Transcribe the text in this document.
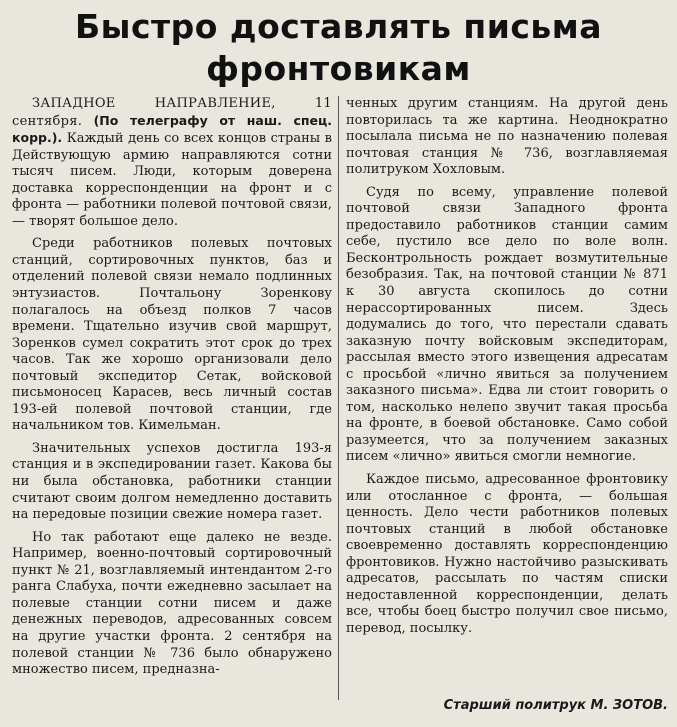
Быстро доставлять письма
фронтовикам

ЗАПАДНОЕ НАПРАВЛЕНИЕ, 11 сентября. (По телеграфу от наш. спец. корр.). Каждый день со всех концов страны в Действующую армию направляются сотни тысяч писем. Люди, которым доверена доставка корреспонденции на фронт и с фронта — работники полевой почтовой связи, — творят большое дело.

Среди работников полевых почтовых станций, сортировочных пунктов, баз и отделений полевой связи немало подлинных энтузиастов. Почтальону Зоренкову полагалось на объезд полков 7 часов времени. Тщательно изучив свой маршрут, Зоренков сумел сократить этот срок до трех часов. Так же хорошо организовали дело почтовый экспедитор Сетак, войсковой письмоносец Карасев, весь личный состав 193-ей полевой почтовой станции, где начальником тов. Кимельман.

Значительных успехов достигла 193-я станция и в экспедировании газет. Какова бы ни была обстановка, работники станции считают своим долгом немедленно доставить на передовые позиции свежие номера газет.

Но так работают еще далеко не везде. Например, военно-почтовый сортировочный пункт № 21, возглавляемый интендантом 2-го ранга Слабуха, почти ежедневно засылает на полевые станции сотни писем и даже денежных переводов, адресованных совсем на другие участки фронта. 2 сентября на полевой станции № 736 было обнаружено множество писем, предназна-

ченных другим станциям. На другой день повторилась та же картина. Неоднократно посылала письма не по назначению полевая почтовая станция № 736, возглавляемая политруком Хохловым.

Судя по всему, управление полевой почтовой связи Западного фронта предоставило работников станции самим себе, пустило все дело по воле волн. Бесконтрольность рождает возмутительные безобразия. Так, на почтовой станции № 871 к 30 августа скопилось до сотни нерассортированных писем. Здесь додумались до того, что перестали сдавать заказную почту войсковым экспедиторам, рассылая вместо этого извещения адресатам с просьбой «лично явиться за получением заказного письма». Едва ли стоит говорить о том, насколько нелепо звучит такая просьба на фронте, в боевой обстановке. Само собой разумеется, что за получением заказных писем «лично» явиться смогли немногие.

Каждое письмо, адресованное фронтовику или отосланное с фронта, — большая ценность. Дело чести работников полевых почтовых станций в любой обстановке своевременно доставлять корреспонденцию фронтовиков. Нужно настойчиво разыскивать адресатов, рассылать по частям списки недоставленной корреспонденции, делать все, чтобы боец быстро получил свое письмо, перевод, посылку.

Старший политрук М. ЗОТОВ.
